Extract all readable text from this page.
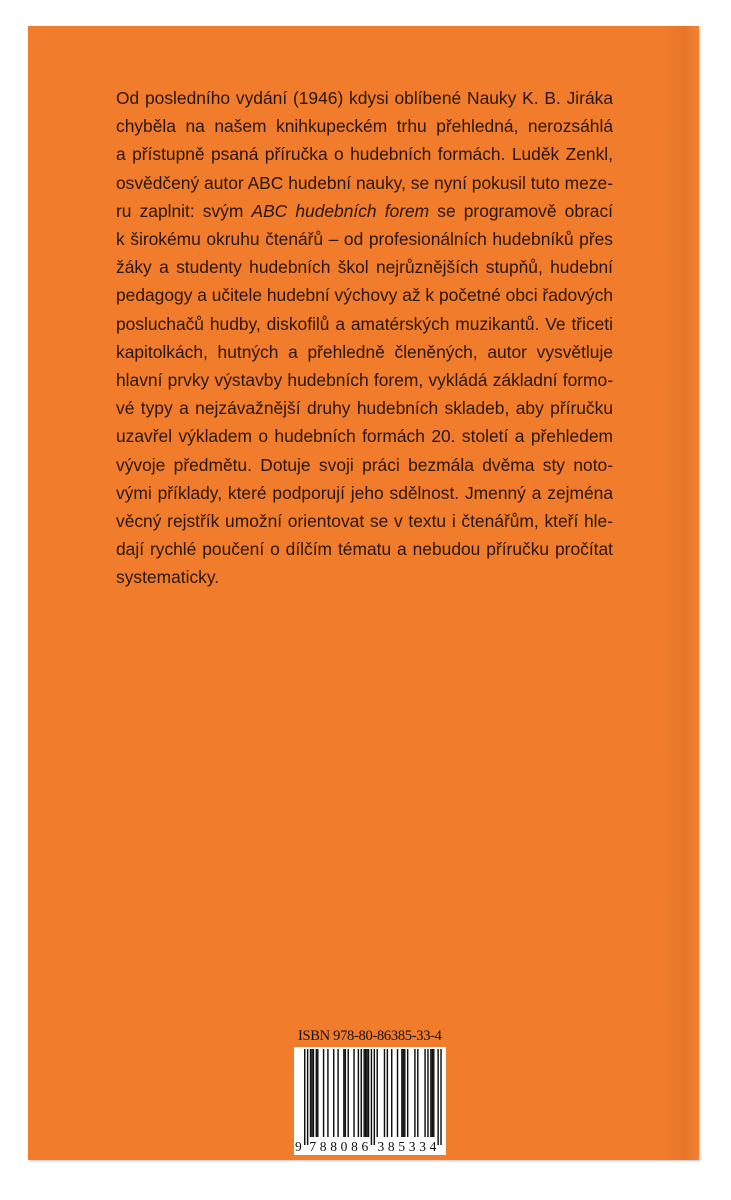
Od posledního vydání (1946) kdysi oblíbené Nauky K. B. Jiráka

chyběla na našem knihkupeckém trhu přehledná, nerozsáhlá

a přístupně psaná příručka o hudebních formách. Luděk Zenkl,

osvědčený autor ABC hudební nauky, se nyní pokusil tuto meze-

ru zaplnit: svým ABC hudebních forem se programově obrací

k širokému okruhu čtenářů – od profesionálních hudebníků přes

žáky a studenty hudebních škol nejrůznějších stupňů, hudební

pedagogy a učitele hudební výchovy až k početné obci řadových

posluchačů hudby, diskofilů a amatérských muzikantů. Ve třiceti

kapitolkách, hutných a přehledně členěných, autor vysvětluje

hlavní prvky výstavby hudebních forem, vykládá základní formo-

vé typy a nejzávažnější druhy hudebních skladeb, aby příručku

uzavřel výkladem o hudebních formách 20. století a přehledem

vývoje předmětu. Dotuje svoji práci bezmála dvěma sty noto-

vými příklady, které podporují jeho sdělnost. Jmenný a zejména

věcný rejstřík umožní orientovat se v textu i čtenářům, kteří hle-

dají rychlé poučení o dílčím tématu a nebudou příručku pročítat

systematicky.

ISBN 978-80-86385-33-4
9 788086 385334
